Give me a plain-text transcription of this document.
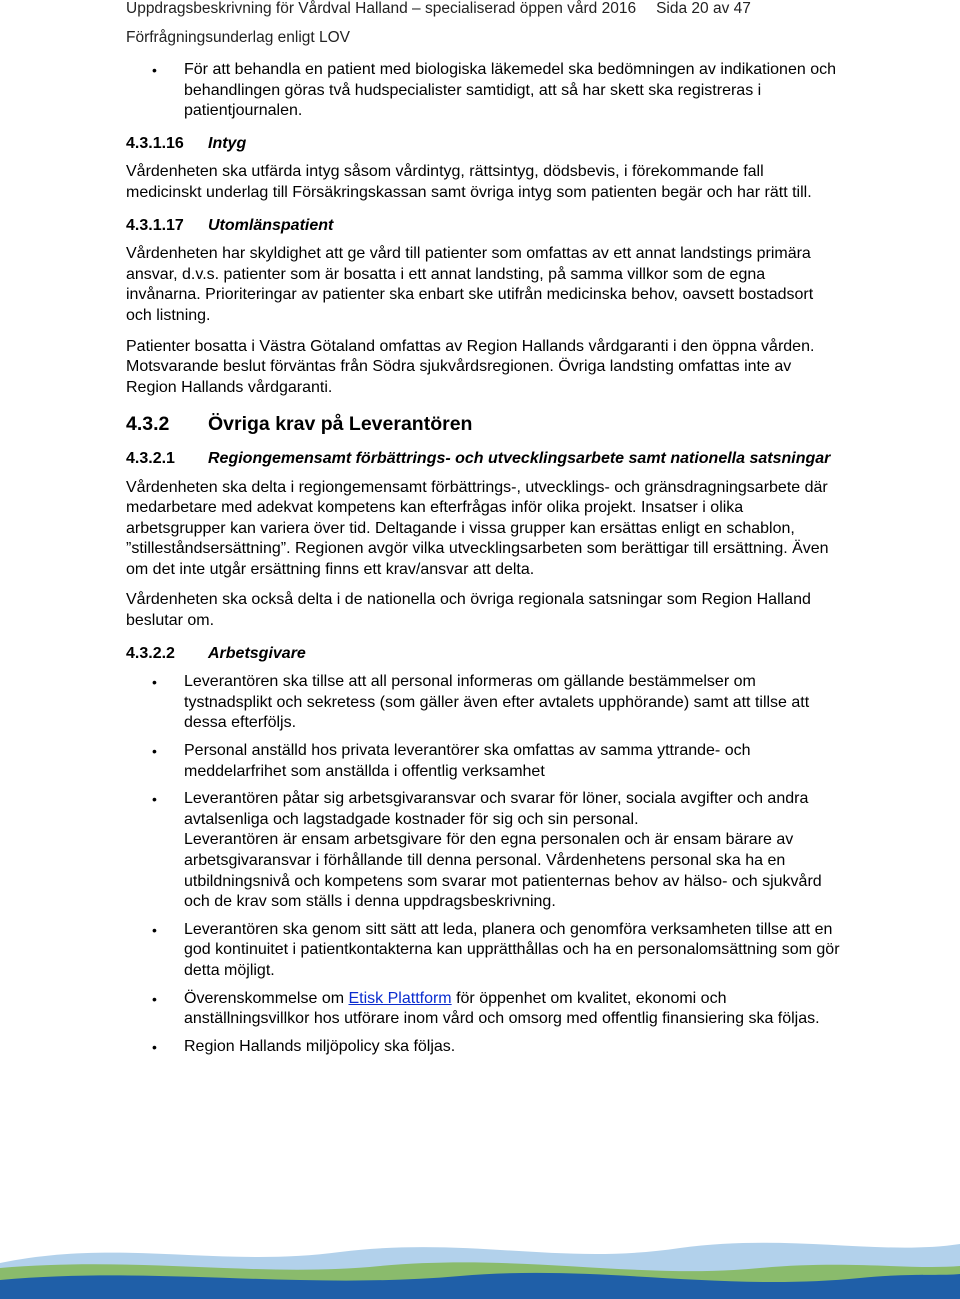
Uppdragsbeskrivning för Vårdval Halland – specialiserad öppen vård 2016 Sida 20 av 47
Förfrågningsunderlag enligt LOV
• För att behandla en patient med biologiska läkemedel ska bedömningen av indikationen och behandlingen göras två hudspecialister samtidigt, att så har skett ska registreras i patientjournalen.
4.3.1.16	Intyg

Vårdenheten ska utfärda intyg såsom vårdintyg, rättsintyg, dödsbevis, i förekommande fall medicinskt underlag till Försäkringskassan samt övriga intyg som patienten begär och har rätt till.

4.3.1.17	Utomlänspatient

Vårdenheten har skyldighet att ge vård till patienter som omfattas av ett annat landstings primära ansvar, d.v.s. patienter som är bosatta i ett annat landsting, på samma villkor som de egna invånarna. Prioriteringar av patienter ska enbart ske utifrån medicinska behov, oavsett bostadsort och listning.

Patienter bosatta i Västra Götaland omfattas av Region Hallands vårdgaranti i den öppna vården. Motsvarande beslut förväntas från Södra sjukvårdsregionen. Övriga landsting omfattas inte av Region Hallands vårdgaranti.

4.3.2	Övriga krav på Leverantören
4.3.2.1	Regiongemensamt förbättrings- och utvecklingsarbete samt nationella satsningar

Vårdenheten ska delta i regiongemensamt förbättrings-, utvecklings- och gränsdragningsarbete där medarbetare med adekvat kompetens kan efterfrågas inför olika projekt. Insatser i olika arbetsgrupper kan variera över tid. Deltagande i vissa grupper kan ersättas enligt en schablon, ”stilleståndsersättning”. Regionen avgör vilka utvecklingsarbeten som berättigar till ersättning. Även om det inte utgår ersättning finns ett krav/ansvar att delta.

Vårdenheten ska också delta i de nationella och övriga regionala satsningar som Region Halland beslutar om.

4.3.2.2	Arbetsgivare
• Leverantören ska tillse att all personal informeras om gällande bestämmelser om tystnadsplikt och sekretess (som gäller även efter avtalets upphörande) samt att tillse att dessa efterföljs.
• Personal anställd hos privata leverantörer ska omfattas av samma yttrande- och meddelarfrihet som anställda i offentlig verksamhet
• Leverantören påtar sig arbetsgivaransvar och svarar för löner, sociala avgifter och andra avtalsenliga och lagstadgade kostnader för sig och sin personal.
Leverantören är ensam arbetsgivare för den egna personalen och är ensam bärare av arbetsgivaransvar i förhållande till denna personal. Vårdenhetens personal ska ha en utbildningsnivå och kompetens som svarar mot patienternas behov av hälso- och sjukvård och de krav som ställs i denna uppdragsbeskrivning.
• Leverantören ska genom sitt sätt att leda, planera och genomföra verksamheten tillse att en god kontinuitet i patientkontakterna kan upprätthållas och ha en personalomsättning som gör detta möjligt.
• Överenskommelse om Etisk Plattform för öppenhet om kvalitet, ekonomi och anställningsvillkor hos utförare inom vård och omsorg med offentlig finansiering ska följas.
• Region Hallands miljöpolicy ska följas.
